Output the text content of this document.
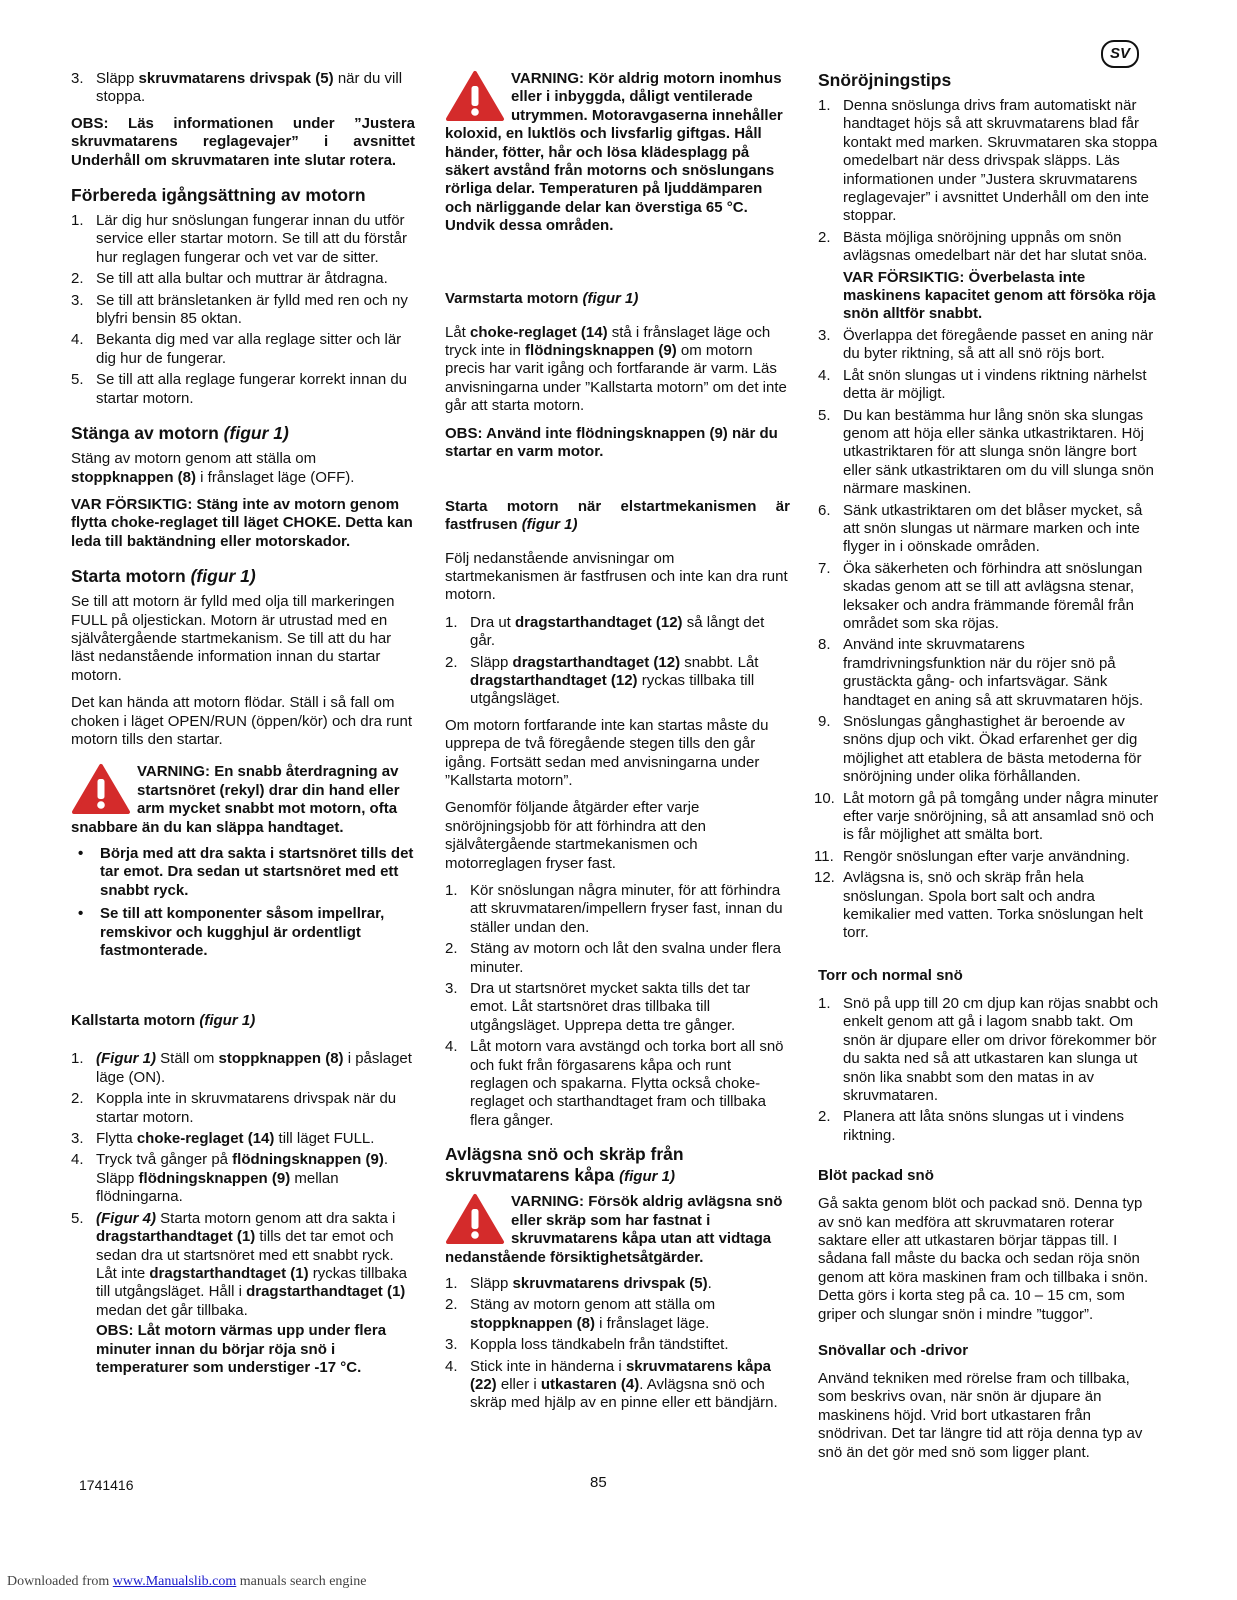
SV
3. Släpp skruvmatarens drivspak (5) när du vill stoppa.

OBS: Läs informationen under ”Justera skruvmatarens reglagevajer” i avsnittet Underhåll om skruvmataren inte slutar rotera.

Förbereda igångsättning av motorn
1. Lär dig hur snöslungan fungerar innan du utför service eller startar motorn. Se till att du förstår hur reglagen fungerar och vet var de sitter.
2. Se till att alla bultar och muttrar är åtdragna.
3. Se till att bränsletanken är fylld med ren och ny blyfri bensin 85 oktan.
4. Bekanta dig med var alla reglage sitter och lär dig hur de fungerar.
5. Se till att alla reglage fungerar korrekt innan du startar motorn.
Stänga av motorn (figur 1)

Stäng av motorn genom att ställa om stoppknappen (8) i frånslaget läge (OFF).

VAR FÖRSIKTIG: Stäng inte av motorn genom flytta choke-reglaget till läget CHOKE. Detta kan leda till baktändning eller motorskador.

Starta motorn (figur 1)

Se till att motorn är fylld med olja till markeringen FULL på oljestickan. Motorn är utrustad med en självåtergående startmekanism. Se till att du har läst nedanstående information innan du startar motorn.

Det kan hända att motorn flödar. Ställ i så fall om choken i läget OPEN/RUN (öppen/kör) och dra runt motorn tills den startar.

VARNING: En snabb återdragning av startsnöret (rekyl) drar din hand eller arm mycket snabbt mot motorn, ofta snabbare än du kan släppa handtaget.
• Börja med att dra sakta i startsnöret tills det tar emot. Dra sedan ut startsnöret med ett snabbt ryck.
• Se till att komponenter såsom impellrar, remskivor och kugghjul är ordentligt fastmonterade.
Kallstarta motorn (figur 1)
1. (Figur 1) Ställ om stoppknappen (8) i påslaget läge (ON).
2. Koppla inte in skruvmatarens drivspak när du startar motorn.
3. Flytta choke-reglaget (14) till läget FULL.
4. Tryck två gånger på flödningsknappen (9). Släpp flödningsknappen (9) mellan flödningarna.
5. (Figur 4) Starta motorn genom att dra sakta i dragstarthandtaget (1) tills det tar emot och sedan dra ut startsnöret med ett snabbt ryck. Låt inte dragstarthandtaget (1) ryckas tillbaka till utgångsläget. Håll i dragstarthandtaget (1) medan det går tillbaka.

OBS: Låt motorn värmas upp under flera minuter innan du börjar röja snö i temperaturer som understiger -17 °C.

VARNING: Kör aldrig motorn inomhus eller i inbyggda, dåligt ventilerade utrymmen. Motoravgaserna innehåller koloxid, en luktlös och livsfarlig giftgas. Håll händer, fötter, hår och lösa klädesplagg på säkert avstånd från motorns och snöslungans rörliga delar. Temperaturen på ljuddämparen och närliggande delar kan överstiga 65 °C. Undvik dessa områden.
Varmstarta motorn (figur 1)

Låt choke-reglaget (14) stå i frånslaget läge och tryck inte in flödningsknappen (9) om motorn precis har varit igång och fortfarande är varm. Läs anvisningarna under ”Kallstarta motorn” om det inte går att starta motorn.

OBS: Använd inte flödningsknappen (9) när du startar en varm motor.

Starta motorn när elstartmekanismen är fastfrusen (figur 1)

Följ nedanstående anvisningar om startmekanismen är fastfrusen och inte kan dra runt motorn.

1. Dra ut dragstarthandtaget (12) så långt det går.
2. Släpp dragstarthandtaget (12) snabbt. Låt dragstarthandtaget (12) ryckas tillbaka till utgångsläget.

Om motorn fortfarande inte kan startas måste du upprepa de två föregående stegen tills den går igång. Fortsätt sedan med anvisningarna under ”Kallstarta motorn”.

Genomför följande åtgärder efter varje snöröjningsjobb för att förhindra att den självåtergående startmekanismen och motorreglagen fryser fast.

1. Kör snöslungan några minuter, för att förhindra att skruvmataren/impellern fryser fast, innan du ställer undan den.
2. Stäng av motorn och låt den svalna under flera minuter.
3. Dra ut startsnöret mycket sakta tills det tar emot. Låt startsnöret dras tillbaka till utgångsläget. Upprepa detta tre gånger.
4. Låt motorn vara avstängd och torka bort all snö och fukt från förgasarens kåpa och runt reglagen och spakarna. Flytta också choke-reglaget och starthandtaget fram och tillbaka flera gånger.
Avlägsna snö och skräp från skruvmatarens kåpa (figur 1)
VARNING: Försök aldrig avlägsna snö eller skräp som har fastnat i skruvmatarens kåpa utan att vidtaga nedanstående försiktighetsåtgärder.
1. Släpp skruvmatarens drivspak (5).
2. Stäng av motorn genom att ställa om stoppknappen (8) i frånslaget läge.
3. Koppla loss tändkabeln från tändstiftet.
4. Stick inte in händerna i skruvmatarens kåpa (22) eller i utkastaren (4). Avlägsna snö och skräp med hjälp av en pinne eller ett bändjärn.
Snöröjningstips
1. Denna snöslunga drivs fram automatiskt när handtaget höjs så att skruvmatarens blad får kontakt med marken. Skruvmataren ska stoppa omedelbart när dess drivspak släpps. Läs informationen under ”Justera skruvmatarens reglagevajer” i avsnittet Underhåll om den inte stoppar.
2. Bästa möjliga snöröjning uppnås om snön avlägsnas omedelbart när det har slutat snöa.

VAR FÖRSIKTIG: Överbelasta inte maskinens kapacitet genom att försöka röja snön alltför snabbt.

3. Överlappa det föregående passet en aning när du byter riktning, så att all snö röjs bort.
4. Låt snön slungas ut i vindens riktning närhelst detta är möjligt.
5. Du kan bestämma hur lång snön ska slungas genom att höja eller sänka utkastriktaren. Höj utkastriktaren för att slunga snön längre bort eller sänk utkastriktaren om du vill slunga snön närmare maskinen.
6. Sänk utkastriktaren om det blåser mycket, så att snön slungas ut närmare marken och inte flyger in i oönskade områden.
7. Öka säkerheten och förhindra att snöslungan skadas genom att se till att avlägsna stenar, leksaker och andra främmande föremål från området som ska röjas.
8. Använd inte skruvmatarens framdrivningsfunktion när du röjer snö på grustäckta gång- och infartsvägar. Sänk handtaget en aning så att skruvmataren höjs.
9. Snöslungas gånghastighet är beroende av snöns djup och vikt. Ökad erfarenhet ger dig möjlighet att etablera de bästa metoderna för snöröjning under olika förhållanden.
10. Låt motorn gå på tomgång under några minuter efter varje snöröjning, så att ansamlad snö och is får möjlighet att smälta bort.
11. Rengör snöslungan efter varje användning.
12. Avlägsna is, snö och skräp från hela snöslungan. Spola bort salt och andra kemikalier med vatten. Torka snöslungan helt torr.
Torr och normal snö
1. Snö på upp till 20 cm djup kan röjas snabbt och enkelt genom att gå i lagom snabb takt. Om snön är djupare eller om drivor förekommer bör du sakta ned så att utkastaren kan slunga ut snön lika snabbt som den matas in av skruvmataren.
2. Planera att låta snöns slungas ut i vindens riktning.
Blöt packad snö

Gå sakta genom blöt och packad snö. Denna typ av snö kan medföra att skruvmataren roterar saktare eller att utkastaren börjar täppas till. I sådana fall måste du backa och sedan röja snön genom att köra maskinen fram och tillbaka i snön. Detta görs i korta steg på ca. 10 – 15 cm, som griper och slungar snön i mindre ”tuggor”.

Snövallar och -drivor

Använd tekniken med rörelse fram och tillbaka, som beskrivs ovan, när snön är djupare än maskinens höjd. Vrid bort utkastaren från snödrivan. Det tar längre tid att röja denna typ av snö än det gör med snö som ligger plant.

1741416	85
Downloaded from www.Manualslib.com manuals search engine
